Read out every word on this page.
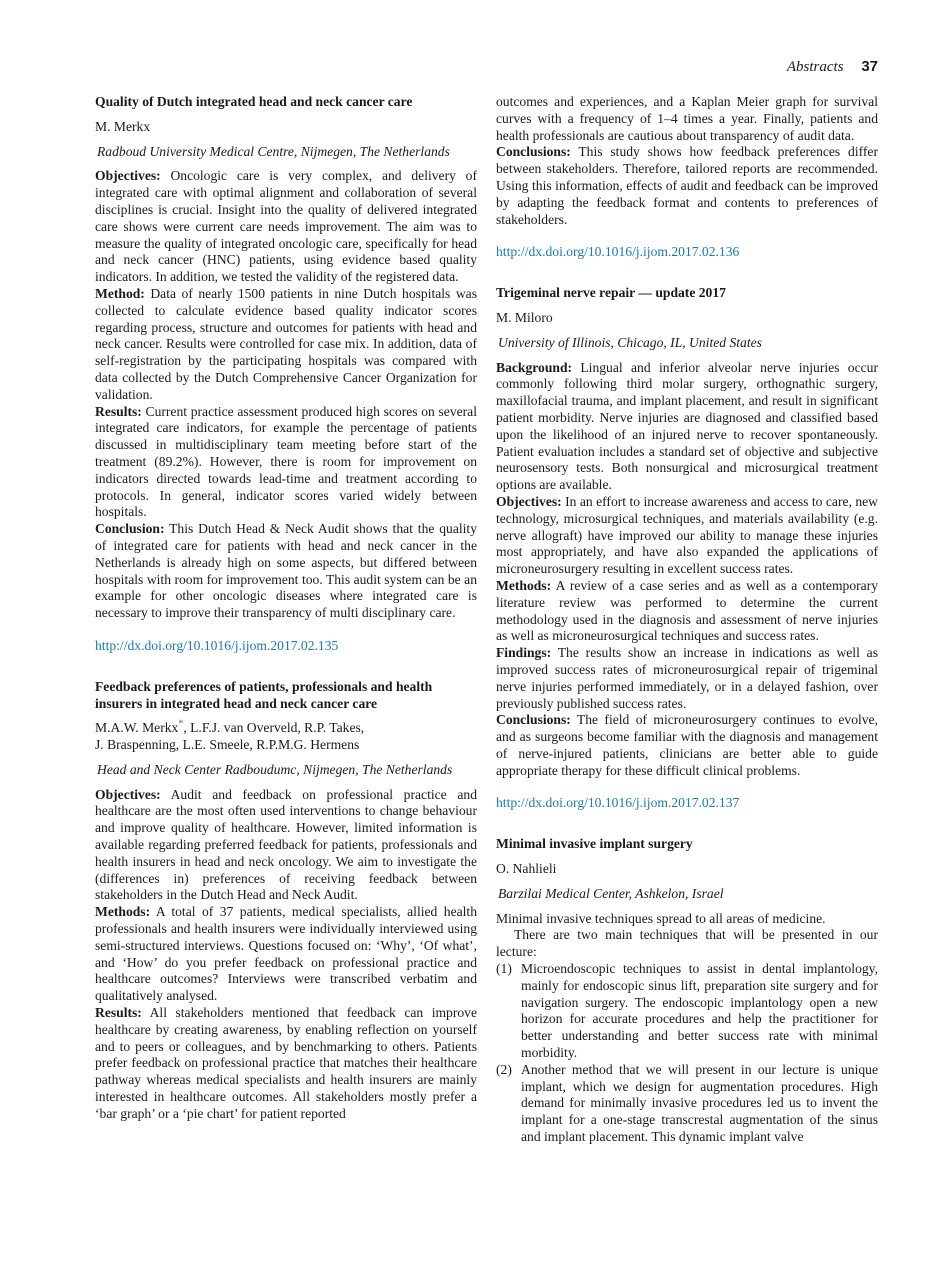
Abstracts 37
Quality of Dutch integrated head and neck cancer care
M. Merkx
Radboud University Medical Centre, Nijmegen, The Netherlands

Objectives: Oncologic care is very complex, and delivery of integrated care with optimal alignment and collaboration of several disciplines is crucial. Insight into the quality of delivered integrated care shows were current care needs improvement. The aim was to measure the quality of integrated oncologic care, specifically for head and neck cancer (HNC) patients, using evidence based quality indicators. In addition, we tested the validity of the registered data.

Method: Data of nearly 1500 patients in nine Dutch hospitals was collected to calculate evidence based quality indicator scores regarding process, structure and outcomes for patients with head and neck cancer. Results were controlled for case mix. In addition, data of self-registration by the participating hospitals was compared with data collected by the Dutch Comprehensive Cancer Organization for validation.

Results: Current practice assessment produced high scores on several integrated care indicators, for example the percentage of patients discussed in multidisciplinary team meeting before start of the treatment (89.2%). However, there is room for improvement on indicators directed towards lead-time and treatment according to protocols. In general, indicator scores varied widely between hospitals.

Conclusion: This Dutch Head & Neck Audit shows that the quality of integrated care for patients with head and neck cancer in the Netherlands is already high on some aspects, but differed between hospitals with room for improvement too. This audit system can be an example for other oncologic diseases where integrated care is necessary to improve their transparency of multi disciplinary care.

http://dx.doi.org/10.1016/j.ijom.2017.02.135
Feedback preferences of patients, professionals and health insurers in integrated head and neck cancer care
M.A.W. Merkx*, L.F.J. van Overveld, R.P. Takes,
J. Braspenning, L.E. Smeele, R.P.M.G. Hermens
Head and Neck Center Radboudumc, Nijmegen, The Netherlands

Objectives: Audit and feedback on professional practice and healthcare are the most often used interventions to change behaviour and improve quality of healthcare. However, limited information is available regarding preferred feedback for patients, professionals and health insurers in head and neck oncology. We aim to investigate the (differences in) preferences of receiving feedback between stakeholders in the Dutch Head and Neck Audit.

Methods: A total of 37 patients, medical specialists, allied health professionals and health insurers were individually interviewed using semi-structured interviews. Questions focused on: ‘Why’, ‘Of what’, and ‘How’ do you prefer feedback on professional practice and healthcare outcomes? Interviews were transcribed verbatim and qualitatively analysed.

Results: All stakeholders mentioned that feedback can improve healthcare by creating awareness, by enabling reflection on yourself and to peers or colleagues, and by benchmarking to others. Patients prefer feedback on professional practice that matches their healthcare pathway whereas medical specialists and health insurers are mainly interested in healthcare outcomes. All stakeholders mostly prefer a ‘bar graph’ or a ‘pie chart’ for patient reported

outcomes and experiences, and a Kaplan Meier graph for survival curves with a frequency of 1–4 times a year. Finally, patients and health professionals are cautious about transparency of audit data.

Conclusions: This study shows how feedback preferences differ between stakeholders. Therefore, tailored reports are recommended. Using this information, effects of audit and feedback can be improved by adapting the feedback format and contents to preferences of stakeholders.

http://dx.doi.org/10.1016/j.ijom.2017.02.136
Trigeminal nerve repair — update 2017
M. Miloro
University of Illinois, Chicago, IL, United States

Background: Lingual and inferior alveolar nerve injuries occur commonly following third molar surgery, orthognathic surgery, maxillofacial trauma, and implant placement, and result in significant patient morbidity. Nerve injuries are diagnosed and classified based upon the likelihood of an injured nerve to recover spontaneously. Patient evaluation includes a standard set of objective and subjective neurosensory tests. Both nonsurgical and microsurgical treatment options are available.

Objectives: In an effort to increase awareness and access to care, new technology, microsurgical techniques, and materials availability (e.g. nerve allograft) have improved our ability to manage these injuries most appropriately, and have also expanded the applications of microneurosurgery resulting in excellent success rates.

Methods: A review of a case series and as well as a contemporary literature review was performed to determine the current methodology used in the diagnosis and assessment of nerve injuries as well as microneurosurgical techniques and success rates.

Findings: The results show an increase in indications as well as improved success rates of microneurosurgical repair of trigeminal nerve injuries performed immediately, or in a delayed fashion, over previously published success rates.

Conclusions: The field of microneurosurgery continues to evolve, and as surgeons become familiar with the diagnosis and management of nerve-injured patients, clinicians are better able to guide appropriate therapy for these difficult clinical problems.

http://dx.doi.org/10.1016/j.ijom.2017.02.137
Minimal invasive implant surgery
O. Nahlieli
Barzilai Medical Center, Ashkelon, Israel

Minimal invasive techniques spread to all areas of medicine.

There are two main techniques that will be presented in our lecture:

(1) Microendoscopic techniques to assist in dental implantology, mainly for endoscopic sinus lift, preparation site surgery and for navigation surgery. The endoscopic implantology open a new horizon for accurate procedures and help the practitioner for better understanding and better success rate with minimal morbidity.
(2) Another method that we will present in our lecture is unique implant, which we design for augmentation procedures. High demand for minimally invasive procedures led us to invent the implant for a one-stage transcrestal augmentation of the sinus and implant placement. This dynamic implant valve
